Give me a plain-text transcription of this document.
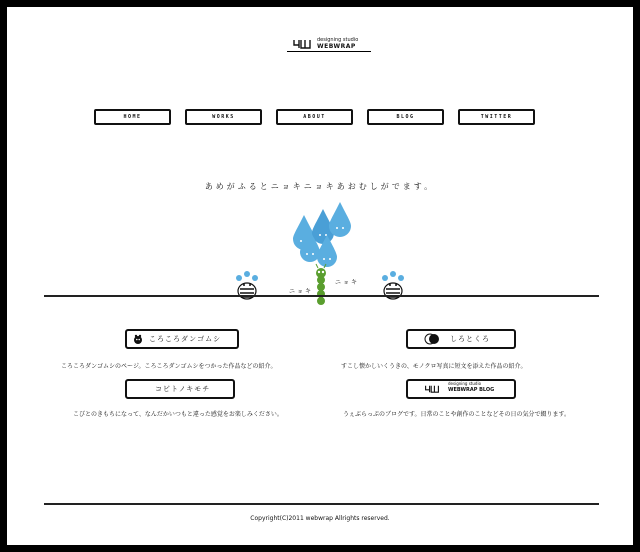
designing studio
WEBWRAP
HOME	WORKS	ABOUT	BLOG	TWITTER
あめがふるとニョキニョキあおむしがでます。
ニョキ
ニョキ
ころころダンゴムシ
ころころダンゴムシのページ。ころころダンゴムシをつかった作品などの紹介。
しろとくろ
すこし懐かしいくうきの、モノクロ写真に短文を添えた作品の紹介。
コビトノキモチ
こびとのきもちになって、なんだかいつもと違った感覚をお楽しみください。
designing studio
WEBWRAP BLOG
うぇぶらっぷのブログです。日常のことや創作のことなどその日の気分で綴ります。
Copyright(C)2011 webwrap Allrights reserved.
